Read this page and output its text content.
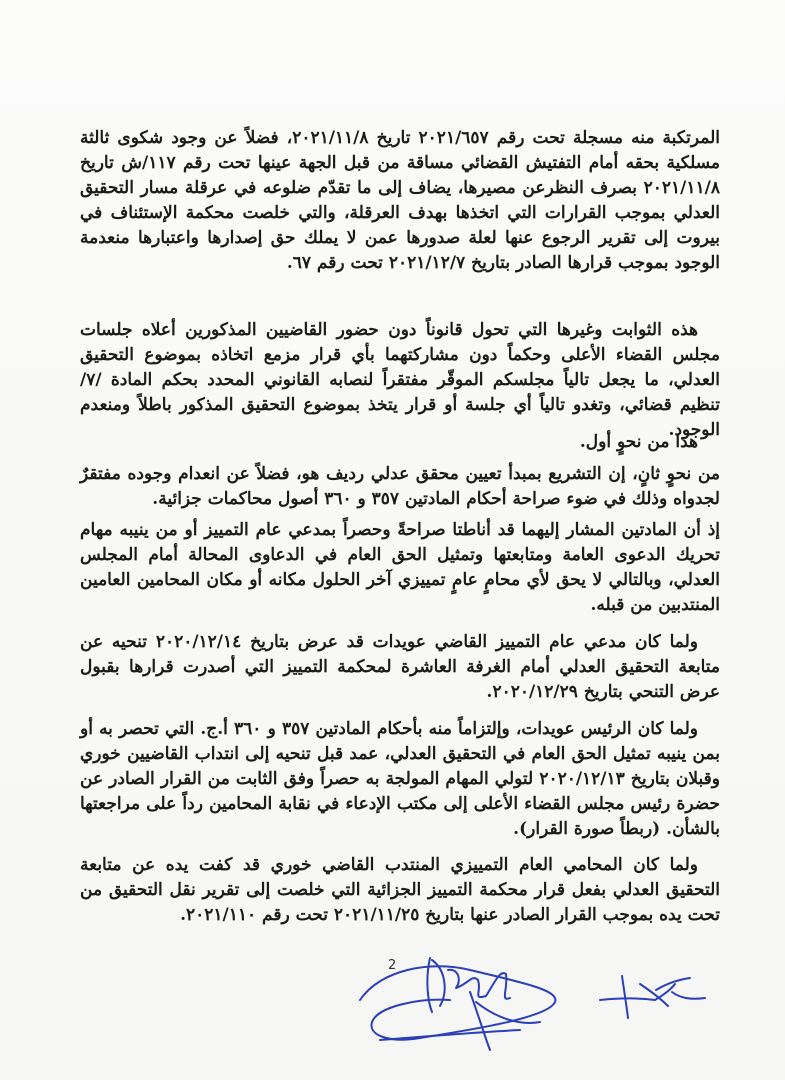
المرتكبة منه مسجلة تحت رقم ٢٠٢١/٦٥٧ تاريخ ٢٠٢١/١١/٨، فضلاً عن وجود شكوى ثالثة مسلكية بحقه أمام التفتيش القضائي مساقة من قبل الجهة عينها تحت رقم ١١٧/ش تاريخ ٢٠٢١/١١/٨ بصرف النظرعن مصيرها، يضاف إلى ما تقدّم ضلوعه في عرقلة مسار التحقيق العدلي بموجب القرارات التي اتخذها بهدف العرقلة، والتي خلصت محكمة الإستئناف في بيروت إلى تقرير الرجوع عنها لعلة صدورها عمن لا يملك حق إصدارها واعتبارها منعدمة الوجود بموجب قرارها الصادر بتاريخ ٢٠٢١/١٢/٧ تحت رقم ٦٧.

هذه الثوابت وغيرها التي تحول قانوناً دون حضور القاضيين المذكورين أعلاه جلسات مجلس القضاء الأعلى وحكماً دون مشاركتهما بأي قرار مزمع اتخاذه بموضوع التحقيق العدلي، ما يجعل تالياً مجلسكم الموقّر مفتقراً لنصابه القانوني المحدد بحكم المادة /٧/ تنظيم قضائي، وتغدو تالياً أي جلسة أو قرار يتخذ بموضوع التحقيق المذكور باطلاً ومنعدم الوجود.

هذا من نحوٍ أول.

من نحوٍ ثانٍ، إن التشريع بمبدأ تعيين محقق عدلي رديف هو، فضلاً عن انعدام وجوده مفتقرٌ لجدواه وذلك في ضوء صراحة أحكام المادتين ٣٥٧ و ٣٦٠ أصول محاكمات جزائية.

إذ أن المادتين المشار إليهما قد أناطتا صراحةً وحصراً بمدعي عام التمييز أو من ينيبه مهام تحريك الدعوى العامة ومتابعتها وتمثيل الحق العام في الدعاوى المحالة أمام المجلس العدلي، وبالتالي لا يحق لأي محامٍ عامٍ تمييزي آخر الحلول مكانه أو مكان المحامين العامين المنتدبين من قبله.

ولما كان مدعي عام التمييز القاضي عويدات قد عرض بتاريخ ٢٠٢٠/١٢/١٤ تنحيه عن متابعة التحقيق العدلي أمام الغرفة العاشرة لمحكمة التمييز التي أصدرت قرارها بقبول عرض التنحي بتاريخ ٢٠٢٠/١٢/٢٩.

ولما كان الرئيس عويدات، وإلتزاماً منه بأحكام المادتين ٣٥٧ و ٣٦٠ أ.ج. التي تحصر به أو بمن ينيبه تمثيل الحق العام في التحقيق العدلي، عمد قبل تنحيه إلى انتداب القاضيين خوري وقبلان بتاريخ ٢٠٢٠/١٢/١٣ لتولي المهام المولجة به حصراً وفق الثابت من القرار الصادر عن حضرة رئيس مجلس القضاء الأعلى إلى مكتب الإدعاء في نقابة المحامين رداً على مراجعتها بالشأن. (ربطاً صورة القرار).

ولما كان المحامي العام التمييزي المنتدب القاضي خوري قد كفت يده عن متابعة التحقيق العدلي بفعل قرار محكمة التمييز الجزائية التي خلصت إلى تقرير نقل التحقيق من تحت يده بموجب القرار الصادر عنها بتاريخ ٢٠٢١/١١/٢٥ تحت رقم ٢٠٢١/١١٠.

2
